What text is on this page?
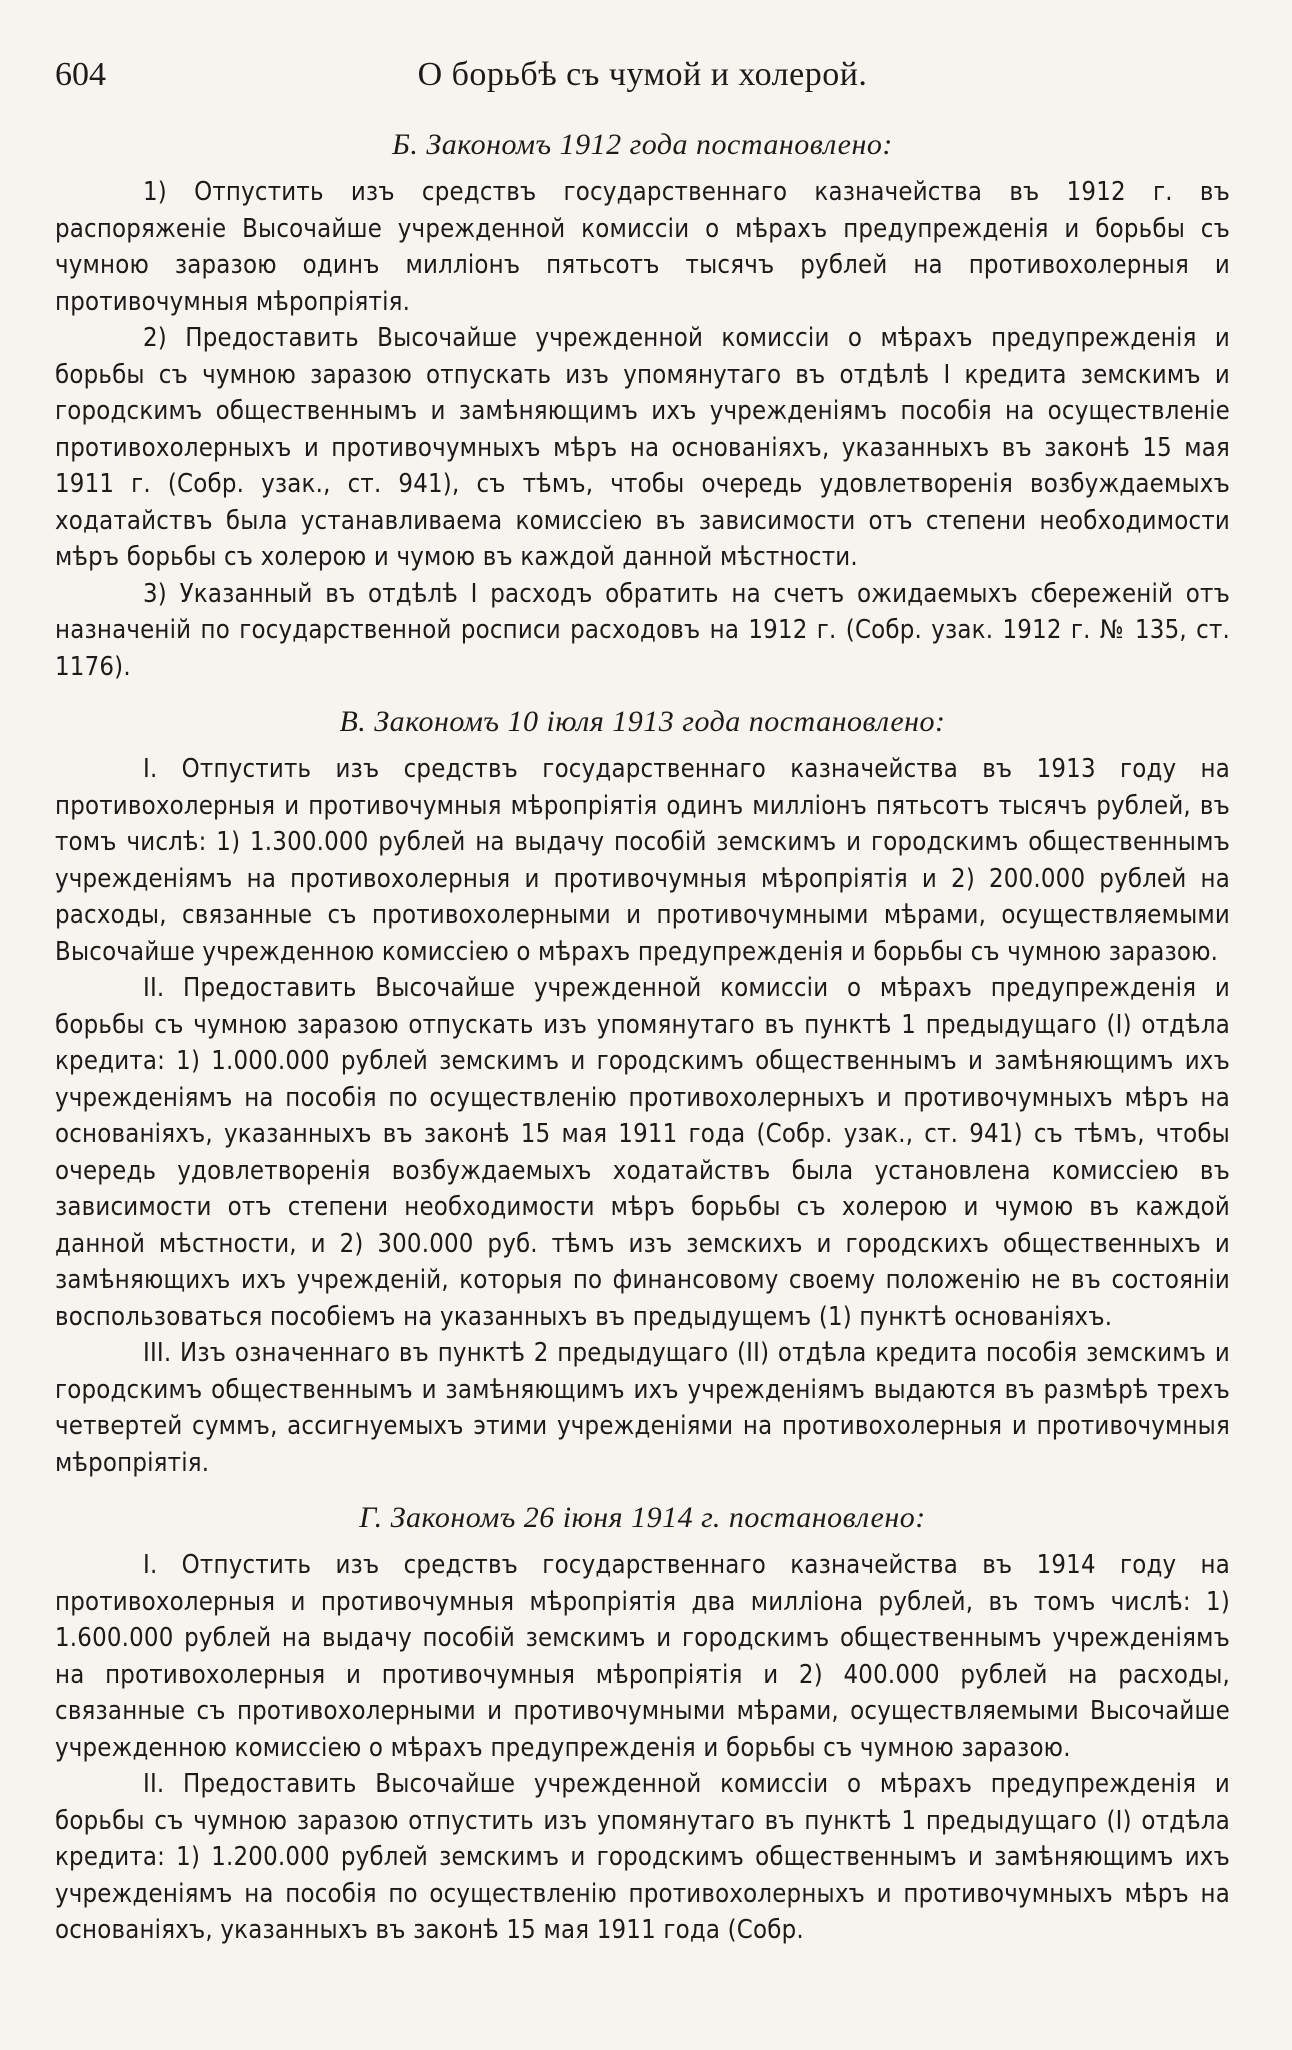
604	О борьбѣ съ чумой и холерой.
Б. Закономъ 1912 года постановлено:

1) Отпустить изъ средствъ государственнаго казначейства въ 1912 г. въ распоряженіе Высочайше учрежденной комиссіи о мѣрахъ предупрежденія и борьбы съ чумною заразою одинъ милліонъ пятьсотъ тысячъ рублей на противохолерныя и противочумныя мѣропріятія.

2) Предоставить Высочайше учрежденной комиссіи о мѣрахъ предупрежденія и борьбы съ чумною заразою отпускать изъ упомянутаго въ отдѣлѣ I кредита земскимъ и городскимъ общественнымъ и замѣняющимъ ихъ учрежденіямъ пособія на осуществленіе противохолерныхъ и противочумныхъ мѣръ на основаніяхъ, указанныхъ въ законѣ 15 мая 1911 г. (Собр. узак., ст. 941), съ тѣмъ, чтобы очередь удовлетворенія возбуждаемыхъ ходатайствъ была устанавливаема комиссіею въ зависимости отъ степени необходимости мѣръ борьбы съ холерою и чумою въ каждой данной мѣстности.

3) Указанный въ отдѣлѣ I расходъ обратить на счетъ ожидаемыхъ сбереженій отъ назначеній по государственной росписи расходовъ на 1912 г. (Собр. узак. 1912 г. № 135, ст. 1176).

В. Закономъ 10 іюля 1913 года постановлено:

I. Отпустить изъ средствъ государственнаго казначейства въ 1913 году на противохолерныя и противочумныя мѣропріятія одинъ милліонъ пятьсотъ тысячъ рублей, въ томъ числѣ: 1) 1.300.000 рублей на выдачу пособій земскимъ и городскимъ общественнымъ учрежденіямъ на противохолерныя и противочумныя мѣропріятія и 2) 200.000 рублей на расходы, связанные съ противохолерными и противочумными мѣрами, осуществляемыми Высочайше учрежденною комиссіею о мѣрахъ предупрежденія и борьбы съ чумною заразою.

II. Предоставить Высочайше учрежденной комиссіи о мѣрахъ предупрежденія и борьбы съ чумною заразою отпускать изъ упомянутаго въ пунктѣ 1 предыдущаго (I) отдѣла кредита: 1) 1.000.000 рублей земскимъ и городскимъ общественнымъ и замѣняющимъ ихъ учрежденіямъ на пособія по осуществленію противохолерныхъ и противочумныхъ мѣръ на основаніяхъ, указанныхъ въ законѣ 15 мая 1911 года (Собр. узак., ст. 941) съ тѣмъ, чтобы очередь удовлетворенія возбуждаемыхъ ходатайствъ была установлена комиссіею въ зависимости отъ степени необходимости мѣръ борьбы съ холерою и чумою въ каждой данной мѣстности, и 2) 300.000 руб. тѣмъ изъ земскихъ и городскихъ общественныхъ и замѣняющихъ ихъ учрежденій, которыя по финансовому своему положенію не въ состояніи воспользоваться пособіемъ на указанныхъ въ предыдущемъ (1) пунктѣ основаніяхъ.

III. Изъ означеннаго въ пунктѣ 2 предыдущаго (II) отдѣла кредита пособія земскимъ и городскимъ общественнымъ и замѣняющимъ ихъ учрежденіямъ выдаются въ размѣрѣ трехъ четвертей суммъ, ассигнуемыхъ этими учрежденіями на противохолерныя и противочумныя мѣропріятія.

Г. Закономъ 26 іюня 1914 г. постановлено:

I. Отпустить изъ средствъ государственнаго казначейства въ 1914 году на противохолерныя и противочумныя мѣропріятія два милліона рублей, въ томъ числѣ: 1) 1.600.000 рублей на выдачу пособій земскимъ и городскимъ общественнымъ учрежденіямъ на противохолерныя и противочумныя мѣропріятія и 2) 400.000 рублей на расходы, связанные съ противохолерными и противочумными мѣрами, осуществляемыми Высочайше учрежденною комиссіею о мѣрахъ предупрежденія и борьбы съ чумною заразою.

II. Предоставить Высочайше учрежденной комиссіи о мѣрахъ предупрежденія и борьбы съ чумною заразою отпустить изъ упомянутаго въ пунктѣ 1 предыдущаго (I) отдѣла кредита: 1) 1.200.000 рублей земскимъ и городскимъ общественнымъ и замѣняющимъ ихъ учрежденіямъ на пособія по осуществленію противохолерныхъ и противочумныхъ мѣръ на основаніяхъ, указанныхъ въ законѣ 15 мая 1911 года (Собр.
